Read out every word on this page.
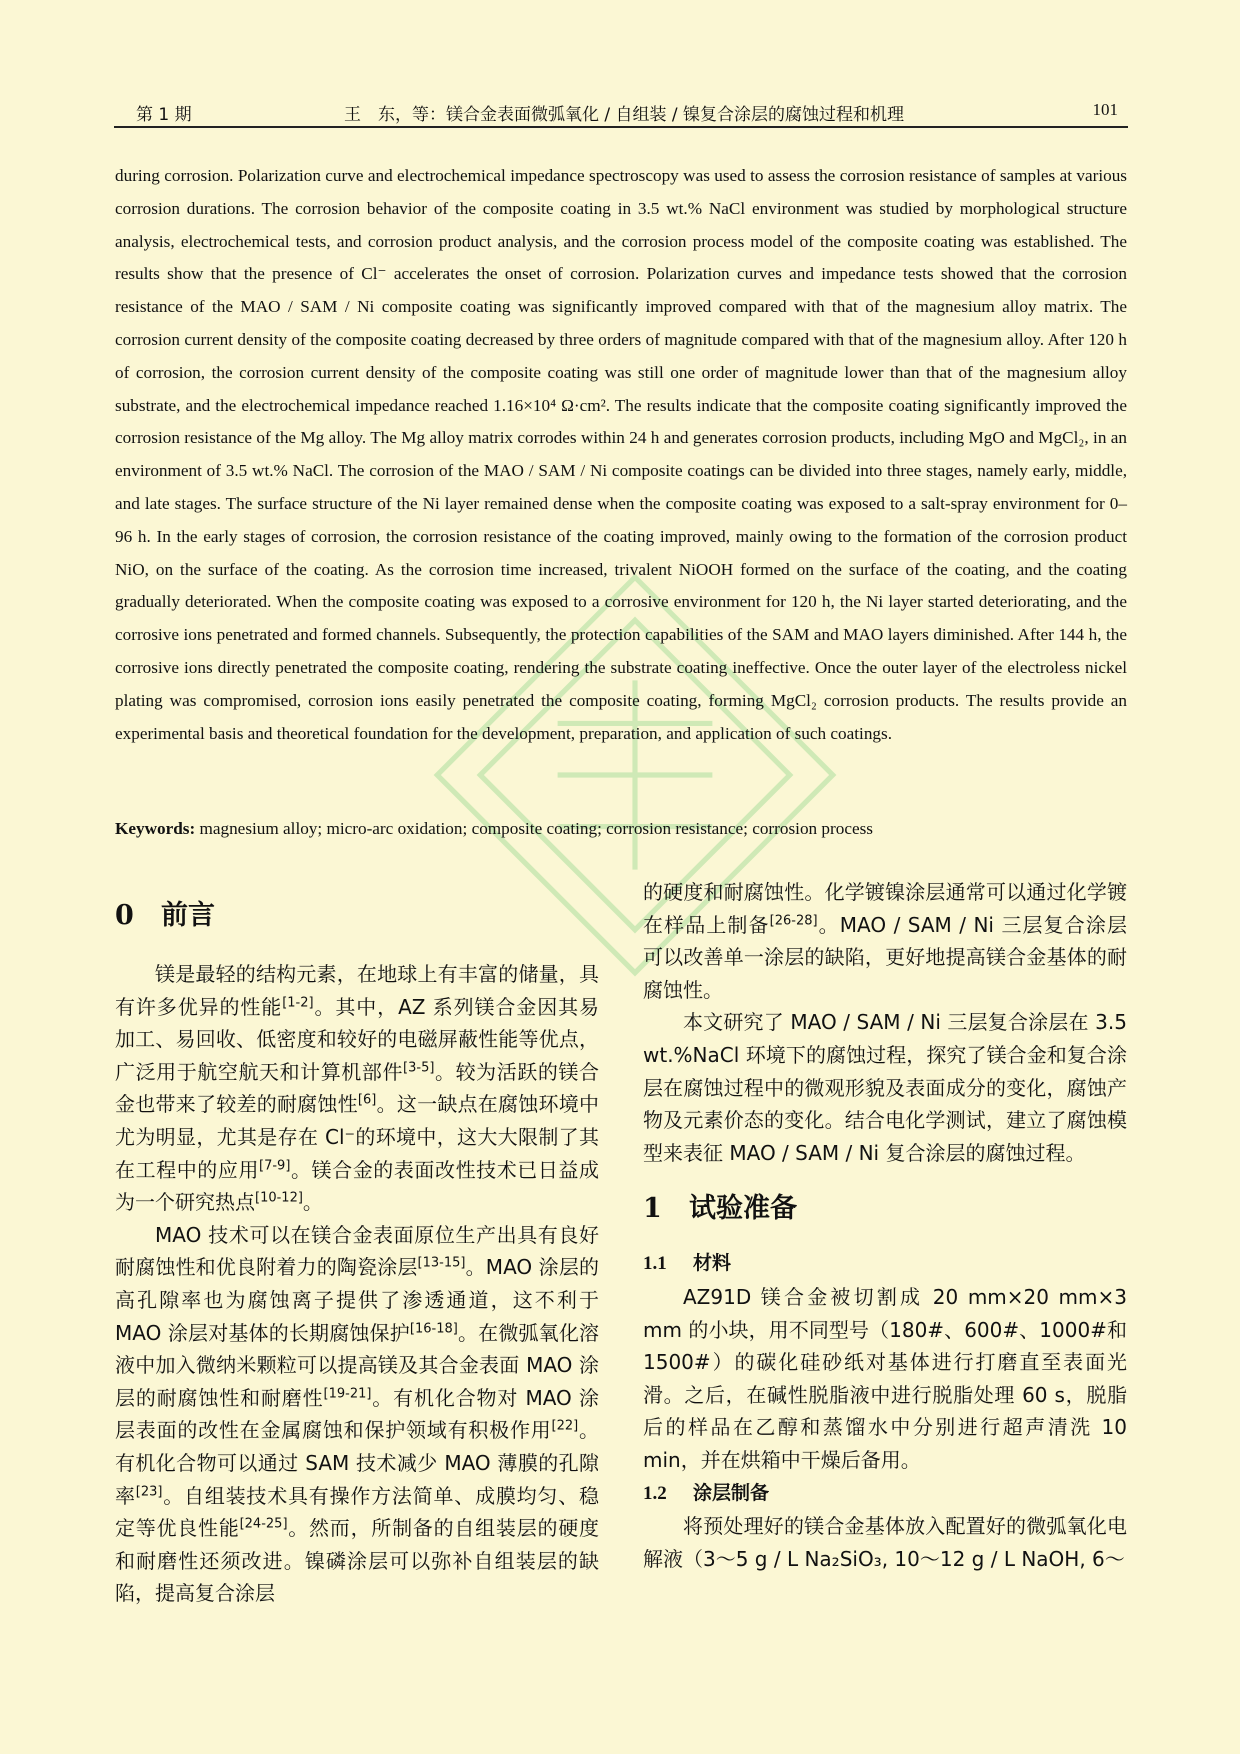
第 1 期	王　东，等：镁合金表面微弧氧化 / 自组装 / 镍复合涂层的腐蚀过程和机理	101
during corrosion. Polarization curve and electrochemical impedance spectroscopy was used to assess the corrosion resistance of samples at various corrosion durations. The corrosion behavior of the composite coating in 3.5 wt.% NaCl environment was studied by morphological structure analysis, electrochemical tests, and corrosion product analysis, and the corrosion process model of the composite coating was established. The results show that the presence of Cl⁻ accelerates the onset of corrosion. Polarization curves and impedance tests showed that the corrosion resistance of the MAO / SAM / Ni composite coating was significantly improved compared with that of the magnesium alloy matrix. The corrosion current density of the composite coating decreased by three orders of magnitude compared with that of the magnesium alloy. After 120 h of corrosion, the corrosion current density of the composite coating was still one order of magnitude lower than that of the magnesium alloy substrate, and the electrochemical impedance reached 1.16×10⁴ Ω·cm². The results indicate that the composite coating significantly improved the corrosion resistance of the Mg alloy. The Mg alloy matrix corrodes within 24 h and generates corrosion products, including MgO and MgCl₂, in an environment of 3.5 wt.% NaCl. The corrosion of the MAO / SAM / Ni composite coatings can be divided into three stages, namely early, middle, and late stages. The surface structure of the Ni layer remained dense when the composite coating was exposed to a salt-spray environment for 0–96 h. In the early stages of corrosion, the corrosion resistance of the coating improved, mainly owing to the formation of the corrosion product NiO, on the surface of the coating. As the corrosion time increased, trivalent NiOOH formed on the surface of the coating, and the coating gradually deteriorated. When the composite coating was exposed to a corrosive environment for 120 h, the Ni layer started deteriorating, and the corrosive ions penetrated and formed channels. Subsequently, the protection capabilities of the SAM and MAO layers diminished. After 144 h, the corrosive ions directly penetrated the composite coating, rendering the substrate coating ineffective. Once the outer layer of the electroless nickel plating was compromised, corrosion ions easily penetrated the composite coating, forming MgCl₂ corrosion products. The results provide an experimental basis and theoretical foundation for the development, preparation, and application of such coatings.
Keywords: magnesium alloy; micro-arc oxidation; composite coating; corrosion resistance; corrosion process
0 前言

镁是最轻的结构元素，在地球上有丰富的储量，具有许多优异的性能[1-2]。其中，AZ 系列镁合金因其易加工、易回收、低密度和较好的电磁屏蔽性能等优点，广泛用于航空航天和计算机部件[3-5]。较为活跃的镁合金也带来了较差的耐腐蚀性[6]。这一缺点在腐蚀环境中尤为明显，尤其是存在 Cl⁻的环境中，这大大限制了其在工程中的应用[7-9]。镁合金的表面改性技术已日益成为一个研究热点[10-12]。

MAO 技术可以在镁合金表面原位生产出具有良好耐腐蚀性和优良附着力的陶瓷涂层[13-15]。MAO 涂层的高孔隙率也为腐蚀离子提供了渗透通道，这不利于 MAO 涂层对基体的长期腐蚀保护[16-18]。在微弧氧化溶液中加入微纳米颗粒可以提高镁及其合金表面 MAO 涂层的耐腐蚀性和耐磨性[19-21]。有机化合物对 MAO 涂层表面的改性在金属腐蚀和保护领域有积极作用[22]。有机化合物可以通过 SAM 技术减少 MAO 薄膜的孔隙率[23]。自组装技术具有操作方法简单、成膜均匀、稳定等优良性能[24-25]。然而，所制备的自组装层的硬度和耐磨性还须改进。镍磷涂层可以弥补自组装层的缺陷，提高复合涂层

的硬度和耐腐蚀性。化学镀镍涂层通常可以通过化学镀在样品上制备[26-28]。MAO / SAM / Ni 三层复合涂层可以改善单一涂层的缺陷，更好地提高镁合金基体的耐腐蚀性。

本文研究了 MAO / SAM / Ni 三层复合涂层在 3.5 wt.%NaCl 环境下的腐蚀过程，探究了镁合金和复合涂层在腐蚀过程中的微观形貌及表面成分的变化，腐蚀产物及元素价态的变化。结合电化学测试，建立了腐蚀模型来表征 MAO / SAM / Ni 复合涂层的腐蚀过程。

1 试验准备
1.1 材料

AZ91D 镁合金被切割成 20 mm×20 mm×3 mm 的小块，用不同型号（180#、600#、1000#和1500#）的碳化硅砂纸对基体进行打磨直至表面光滑。之后，在碱性脱脂液中进行脱脂处理 60 s，脱脂后的样品在乙醇和蒸馏水中分别进行超声清洗 10 min，并在烘箱中干燥后备用。

1.2 涂层制备

将预处理好的镁合金基体放入配置好的微弧氧化电解液（3～5 g / L Na₂SiO₃, 10～12 g / L NaOH, 6～
